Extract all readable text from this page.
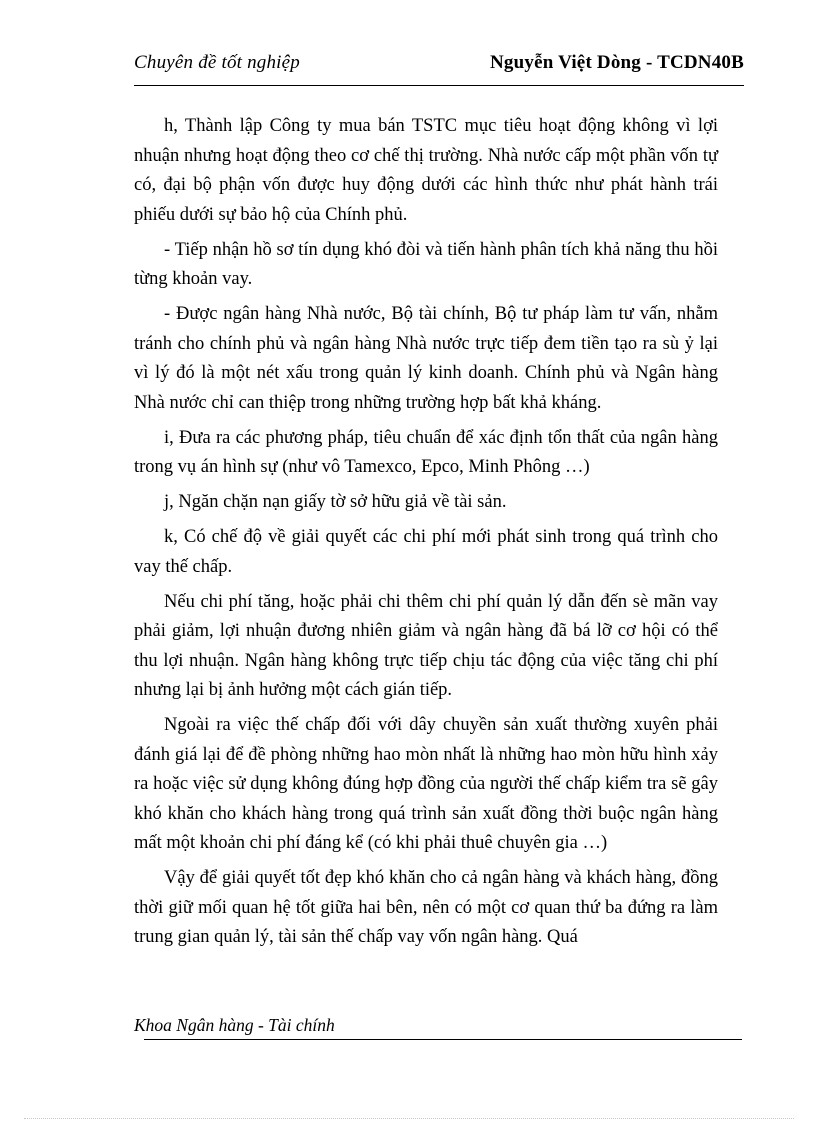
Chuyên đề tốt nghiệp	Nguyễn Việt Dòng - TCDN40B

h, Thành lập Công ty mua bán TSTC mục tiêu hoạt động không vì lợi nhuận nhưng hoạt động theo cơ chế thị trường. Nhà nước cấp một phần vốn tự có, đại bộ phận vốn được huy động dưới các hình thức như phát hành trái phiếu dưới sự bảo hộ của Chính phủ.

- Tiếp nhận hồ sơ tín dụng khó đòi và tiến hành phân tích khả năng thu hồi từng khoản vay.

- Được ngân hàng Nhà nước, Bộ tài chính, Bộ tư pháp làm tư vấn, nhằm tránh cho chính phủ và ngân hàng Nhà nước trực tiếp đem tiền tạo ra sù ỷ lại vì lý đó là một nét xấu trong quản lý kinh doanh. Chính phủ và Ngân hàng Nhà nước chỉ can thiệp trong những trường hợp bất khả kháng.

i, Đưa ra các phương pháp, tiêu chuẩn để xác định tổn thất của ngân hàng trong vụ án hình sự (như vô Tamexco, Epco, Minh Phông …)

j, Ngăn chặn nạn giấy tờ sở hữu giả về tài sản.

k, Có chế độ về giải quyết các chi phí mới phát sinh trong quá trình cho vay thế chấp.

Nếu chi phí tăng, hoặc phải chi thêm chi phí quản lý dẫn đến sè mãn vay phải giảm, lợi nhuận đương nhiên giảm và ngân hàng đã bá lỡ cơ hội có thể thu lợi nhuận. Ngân hàng không trực tiếp chịu tác động của việc tăng chi phí nhưng lại bị ảnh hưởng một cách gián tiếp.

Ngoài ra việc thế chấp đối với dây chuyền sản xuất thường xuyên phải đánh giá lại để đề phòng những hao mòn nhất là những hao mòn hữu hình xảy ra hoặc việc sử dụng không đúng hợp đồng của người thế chấp kiểm tra sẽ gây khó khăn cho khách hàng trong quá trình sản xuất đồng thời buộc ngân hàng mất một khoản chi phí đáng kể (có khi phải thuê chuyên gia …)

Vậy để giải quyết tốt đẹp khó khăn cho cả ngân hàng và khách hàng, đồng thời giữ mối quan hệ tốt giữa hai bên, nên có một cơ quan thứ ba đứng ra làm trung gian quản lý, tài sản thế chấp vay vốn ngân hàng. Quá

Khoa Ngân hàng - Tài chính
